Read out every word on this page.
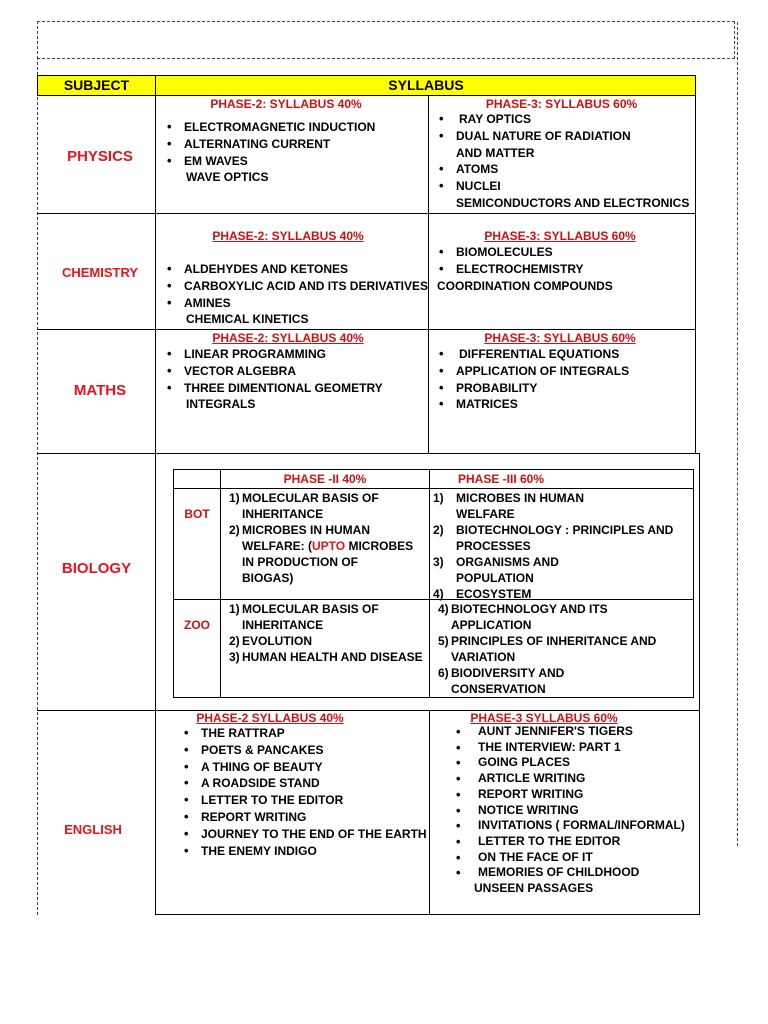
SUBJECT	SYLLABUS
PHYSICS
PHASE-2: SYLLABUS 40%
• ELECTROMAGNETIC INDUCTION
• ALTERNATING CURRENT
• EM WAVES
WAVE OPTICS
PHASE-3: SYLLABUS 60%
• RAY OPTICS
• DUAL NATURE OF RADIATION
AND MATTER
• ATOMS
• NUCLEI
SEMICONDUCTORS AND ELECTRONICS
CHEMISTRY
PHASE-2: SYLLABUS 40%
• ALDEHYDES AND KETONES
• CARBOXYLIC ACID AND ITS DERIVATIVES
• AMINES
CHEMICAL KINETICS
PHASE-3: SYLLABUS 60%
• BIOMOLECULES
• ELECTROCHEMISTRY
COORDINATION COMPOUNDS
MATHS
PHASE-2: SYLLABUS 40%
• LINEAR PROGRAMMING
• VECTOR ALGEBRA
• THREE DIMENTIONAL GEOMETRY
INTEGRALS
PHASE-3: SYLLABUS 60%
• DIFFERENTIAL EQUATIONS
• APPLICATION OF INTEGRALS
• PROBABILITY
• MATRICES
BIOLOGY
PHASE -II 40%	PHASE -III 60%
BOT
1) MOLECULAR BASIS OF
INHERITANCE
2) MICROBES IN HUMAN
WELFARE: (UPTO MICROBES
IN PRODUCTION OF
BIOGAS)
1) MICROBES IN HUMAN
WELFARE
2) BIOTECHNOLOGY : PRINCIPLES AND
PROCESSES
3) ORGANISMS AND
POPULATION
4) ECOSYSTEM
ZOO
1) MOLECULAR BASIS OF
INHERITANCE
2) EVOLUTION
3) HUMAN HEALTH AND DISEASE
4) BIOTECHNOLOGY AND ITS
APPLICATION
5) PRINCIPLES OF INHERITANCE AND
VARIATION
6) BIODIVERSITY AND
CONSERVATION
ENGLISH
PHASE-2 SYLLABUS 40%
• THE RATTRAP
• POETS & PANCAKES
• A THING OF BEAUTY
• A ROADSIDE STAND
• LETTER TO THE EDITOR
• REPORT WRITING
• JOURNEY TO THE END OF THE EARTH
• THE ENEMY INDIGO
PHASE-3 SYLLABUS 60%
• AUNT JENNIFER'S TIGERS
• THE INTERVIEW: PART 1
• GOING PLACES
• ARTICLE WRITING
• REPORT WRITING
• NOTICE WRITING
• INVITATIONS ( FORMAL/INFORMAL)
• LETTER TO THE EDITOR
• ON THE FACE OF IT
• MEMORIES OF CHILDHOOD
UNSEEN PASSAGES
